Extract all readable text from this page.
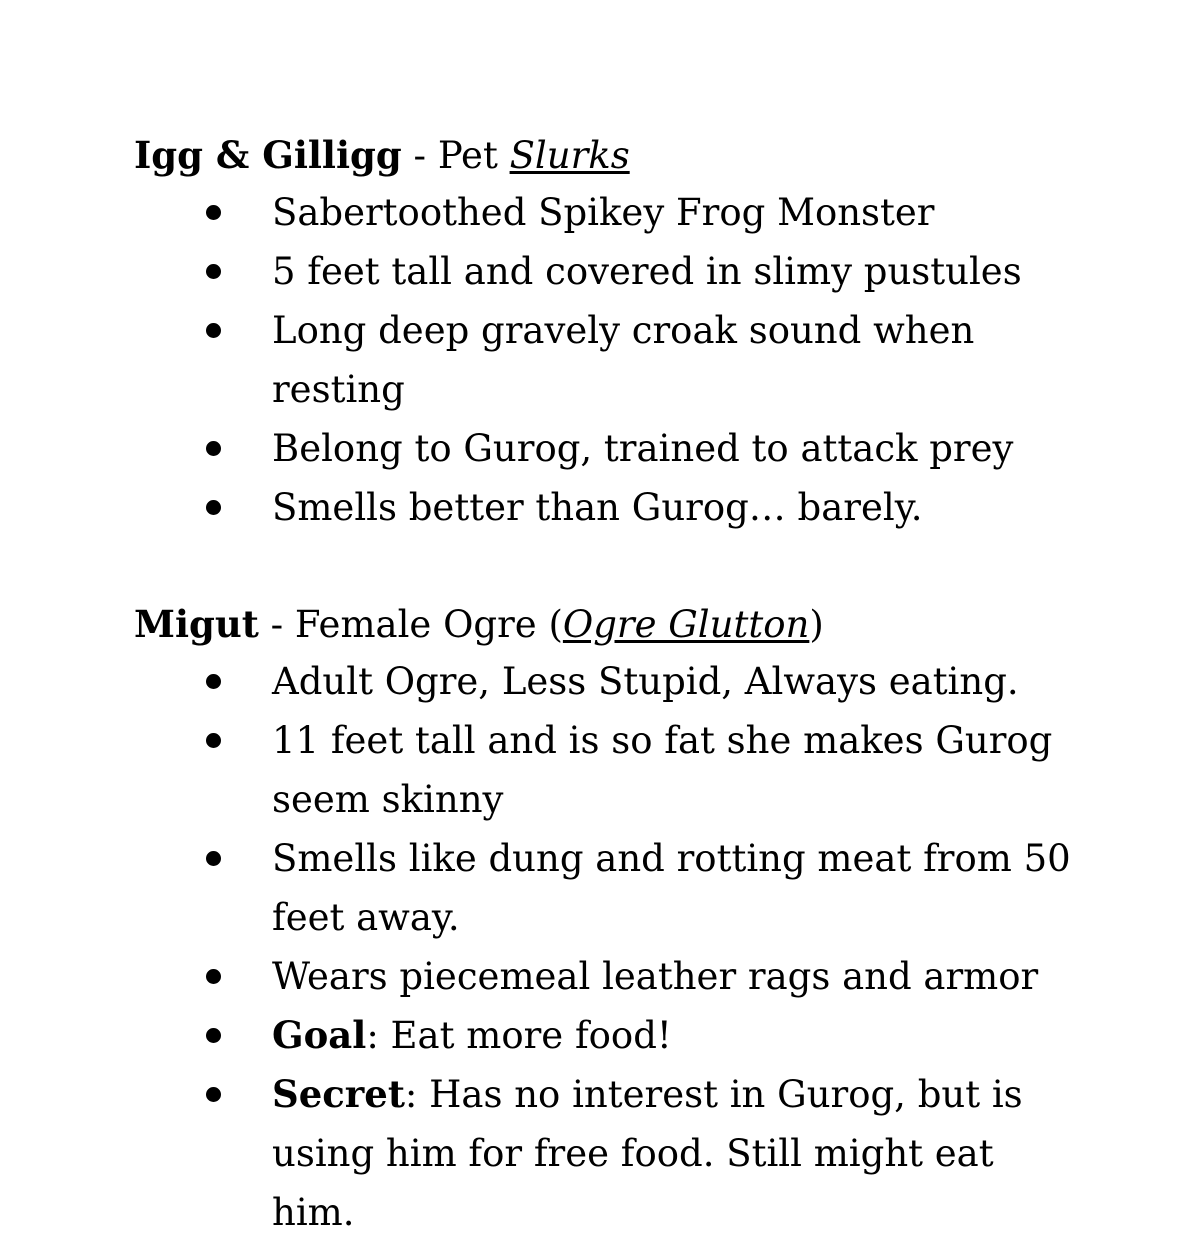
Igg & Gilligg - Pet Slurks

Sabertoothed Spikey Frog Monster
5 feet tall and covered in slimy pustules
Long deep gravely croak sound when resting
Belong to Gurog, trained to attack prey
Smells better than Gurog… barely.

Migut - Female Ogre (Ogre Glutton)

Adult Ogre, Less Stupid, Always eating.
11 feet tall and is so fat she makes Gurog seem skinny
Smells like dung and rotting meat from 50 feet away.
Wears piecemeal leather rags and armor
Goal: Eat more food!
Secret: Has no interest in Gurog, but is using him for free food. Still might eat him.
